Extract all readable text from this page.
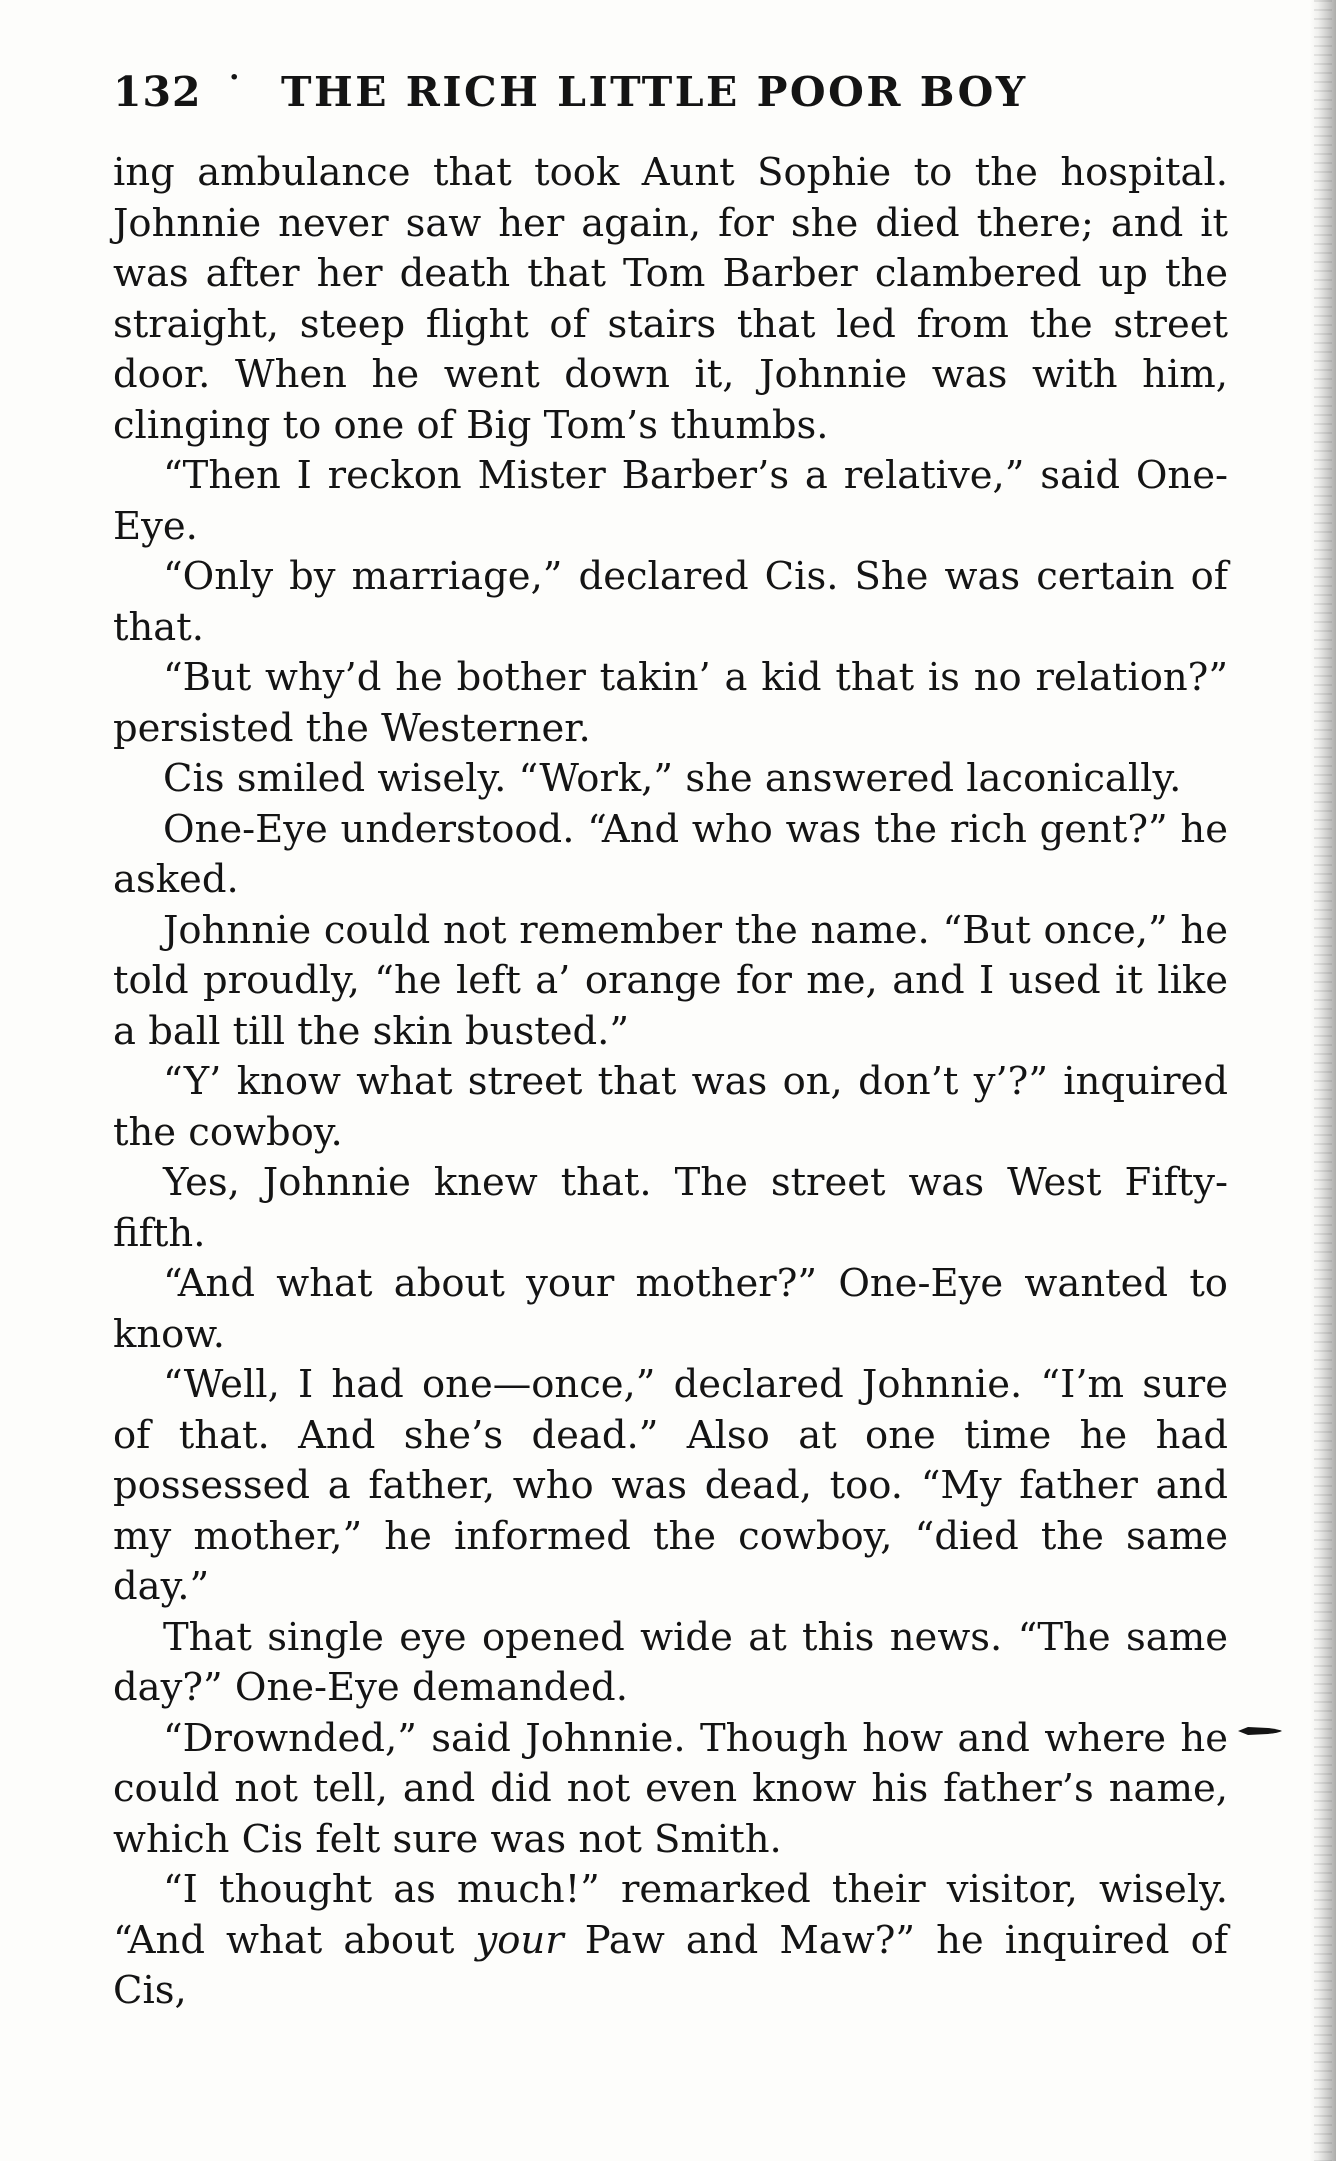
132 · THE RICH LITTLE POOR BOY

ing ambulance that took Aunt Sophie to the hospital. Johnnie never saw her again, for she died there; and it was after her death that Tom Barber clambered up the straight, steep flight of stairs that led from the street door. When he went down it, Johnnie was with him, clinging to one of Big Tom’s thumbs.

“Then I reckon Mister Barber’s a relative,” said One-Eye.

“Only by marriage,” declared Cis. She was certain of that.

“But why’d he bother takin’ a kid that is no relation?” persisted the Westerner.

Cis smiled wisely. “Work,” she answered laconically.

One-Eye understood. “And who was the rich gent?” he asked.

Johnnie could not remember the name. “But once,” he told proudly, “he left a’ orange for me, and I used it like a ball till the skin busted.”

“Y’ know what street that was on, don’t y’?” inquired the cowboy.

Yes, Johnnie knew that. The street was West Fifty-fifth.

“And what about your mother?” One-Eye wanted to know.

“Well, I had one—once,” declared Johnnie. “I’m sure of that. And she’s dead.” Also at one time he had possessed a father, who was dead, too. “My father and my mother,” he informed the cowboy, “died the same day.”

That single eye opened wide at this news. “The same day?” One-Eye demanded.

“Drownded,” said Johnnie. Though how and where he could not tell, and did not even know his father’s name, which Cis felt sure was not Smith.

“I thought as much!” remarked their visitor, wisely. “And what about your Paw and Maw?” he inquired of Cis,
